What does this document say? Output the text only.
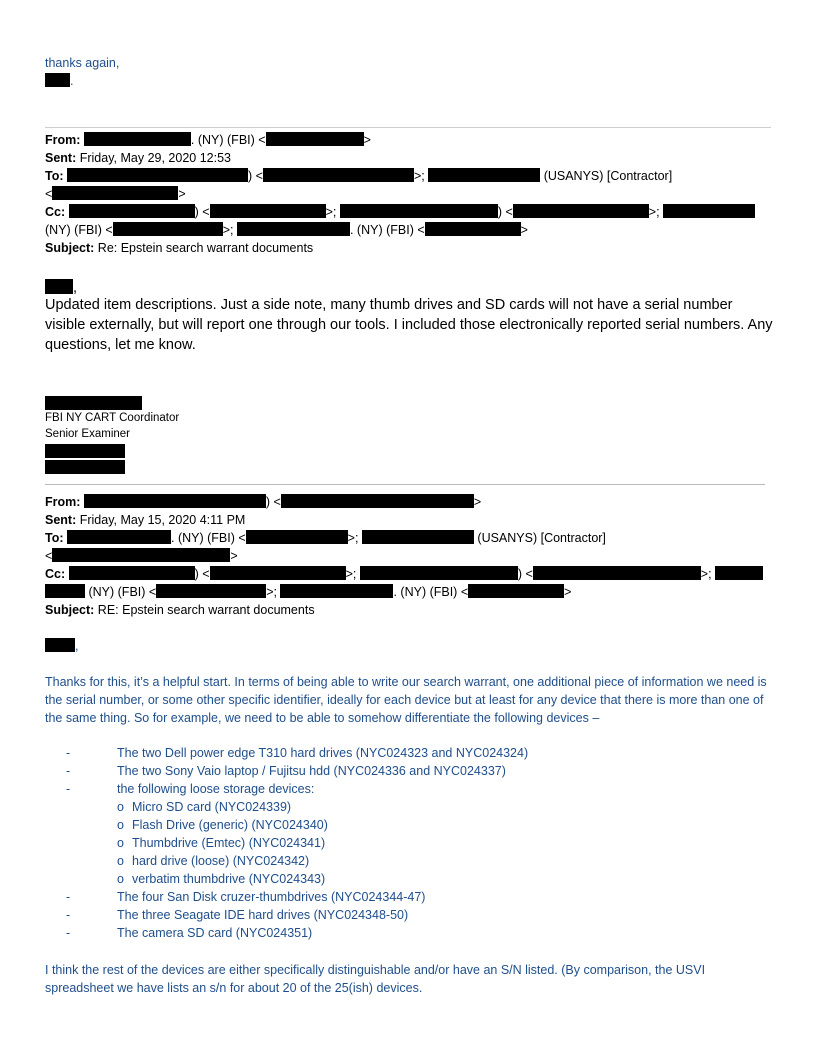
thanks again,
.
From:	. (NY) (FBI) <	>
Sent: Friday, May 29, 2020 12:53
To:	) <	>;	(USANYS) [Contractor]
<	>
Cc:	) <	>;	) <	>;
(NY) (FBI) <	>;	. (NY) (FBI) <	>
Subject: Re: Epstein search warrant documents
,
Updated item descriptions. Just a side note, many thumb drives and SD cards will not have a serial number visible externally, but will report one through our tools. I included those electronically reported serial numbers. Any questions, let me know.
FBI NY CART Coordinator
Senior Examiner
From:	) <	>
Sent: Friday, May 15, 2020 4:11 PM
To:	. (NY) (FBI) <	>;	(USANYS) [Contractor]
<	>
Cc:	) <	>;	) <	>;
(NY) (FBI) <	>;	. (NY) (FBI) <	>
Subject: RE: Epstein search warrant documents
,
Thanks for this, it’s a helpful start. In terms of being able to write our search warrant, one additional piece of information we need is the serial number, or some other specific identifier, ideally for each device but at least for any device that there is more than one of the same thing. So for example, we need to be able to somehow differentiate the following devices –
-	The two Dell power edge T310 hard drives (NYC024323 and NYC024324)
-	The two Sony Vaio laptop / Fujitsu hdd (NYC024336 and NYC024337)
-	the following loose storage devices:
o Micro SD card (NYC024339)
o Flash Drive (generic) (NYC024340)
o Thumbdrive (Emtec) (NYC024341)
o hard drive (loose) (NYC024342)
o verbatim thumbdrive (NYC024343)
-	The four San Disk cruzer-thumbdrives (NYC024344-47)
-	The three Seagate IDE hard drives (NYC024348-50)
-	The camera SD card (NYC024351)
I think the rest of the devices are either specifically distinguishable and/or have an S/N listed. (By comparison, the USVI spreadsheet we have lists an s/n for about 20 of the 25(ish) devices.
